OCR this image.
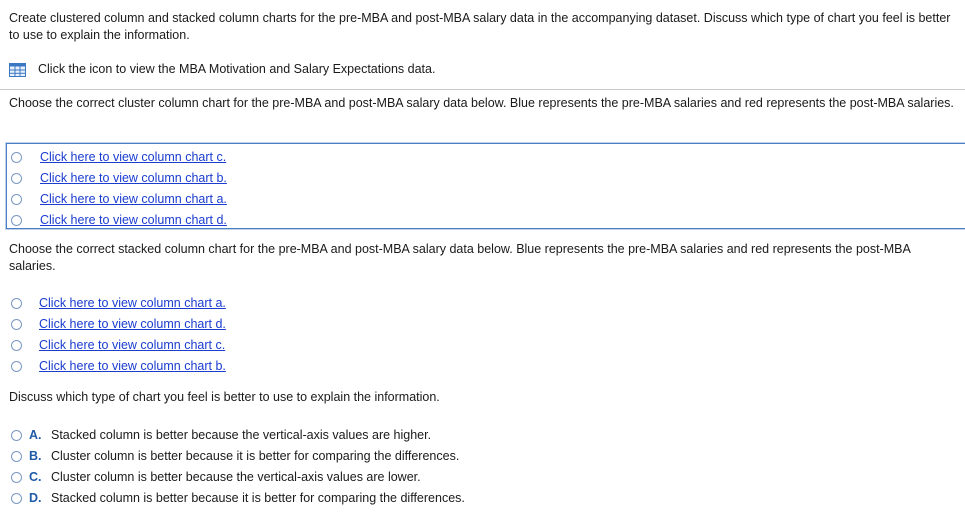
Create clustered column and stacked column charts for the pre-MBA and post-MBA salary data in the accompanying dataset. Discuss which type of chart you feel is better to use to explain the information.
Click the icon to view the MBA Motivation and Salary Expectations data.
Choose the correct cluster column chart for the pre-MBA and post-MBA salary data below. Blue represents the pre-MBA salaries and red represents the post-MBA salaries.
Click here to view column chart c.
Click here to view column chart b.
Click here to view column chart a.
Click here to view column chart d.
Choose the correct stacked column chart for the pre-MBA and post-MBA salary data below. Blue represents the pre-MBA salaries and red represents the post-MBA salaries.
Click here to view column chart a.
Click here to view column chart d.
Click here to view column chart c.
Click here to view column chart b.
Discuss which type of chart you feel is better to use to explain the information.
A. Stacked column is better because the vertical-axis values are higher.
B. Cluster column is better because it is better for comparing the differences.
C. Cluster column is better because the vertical-axis values are lower.
D. Stacked column is better because it is better for comparing the differences.
